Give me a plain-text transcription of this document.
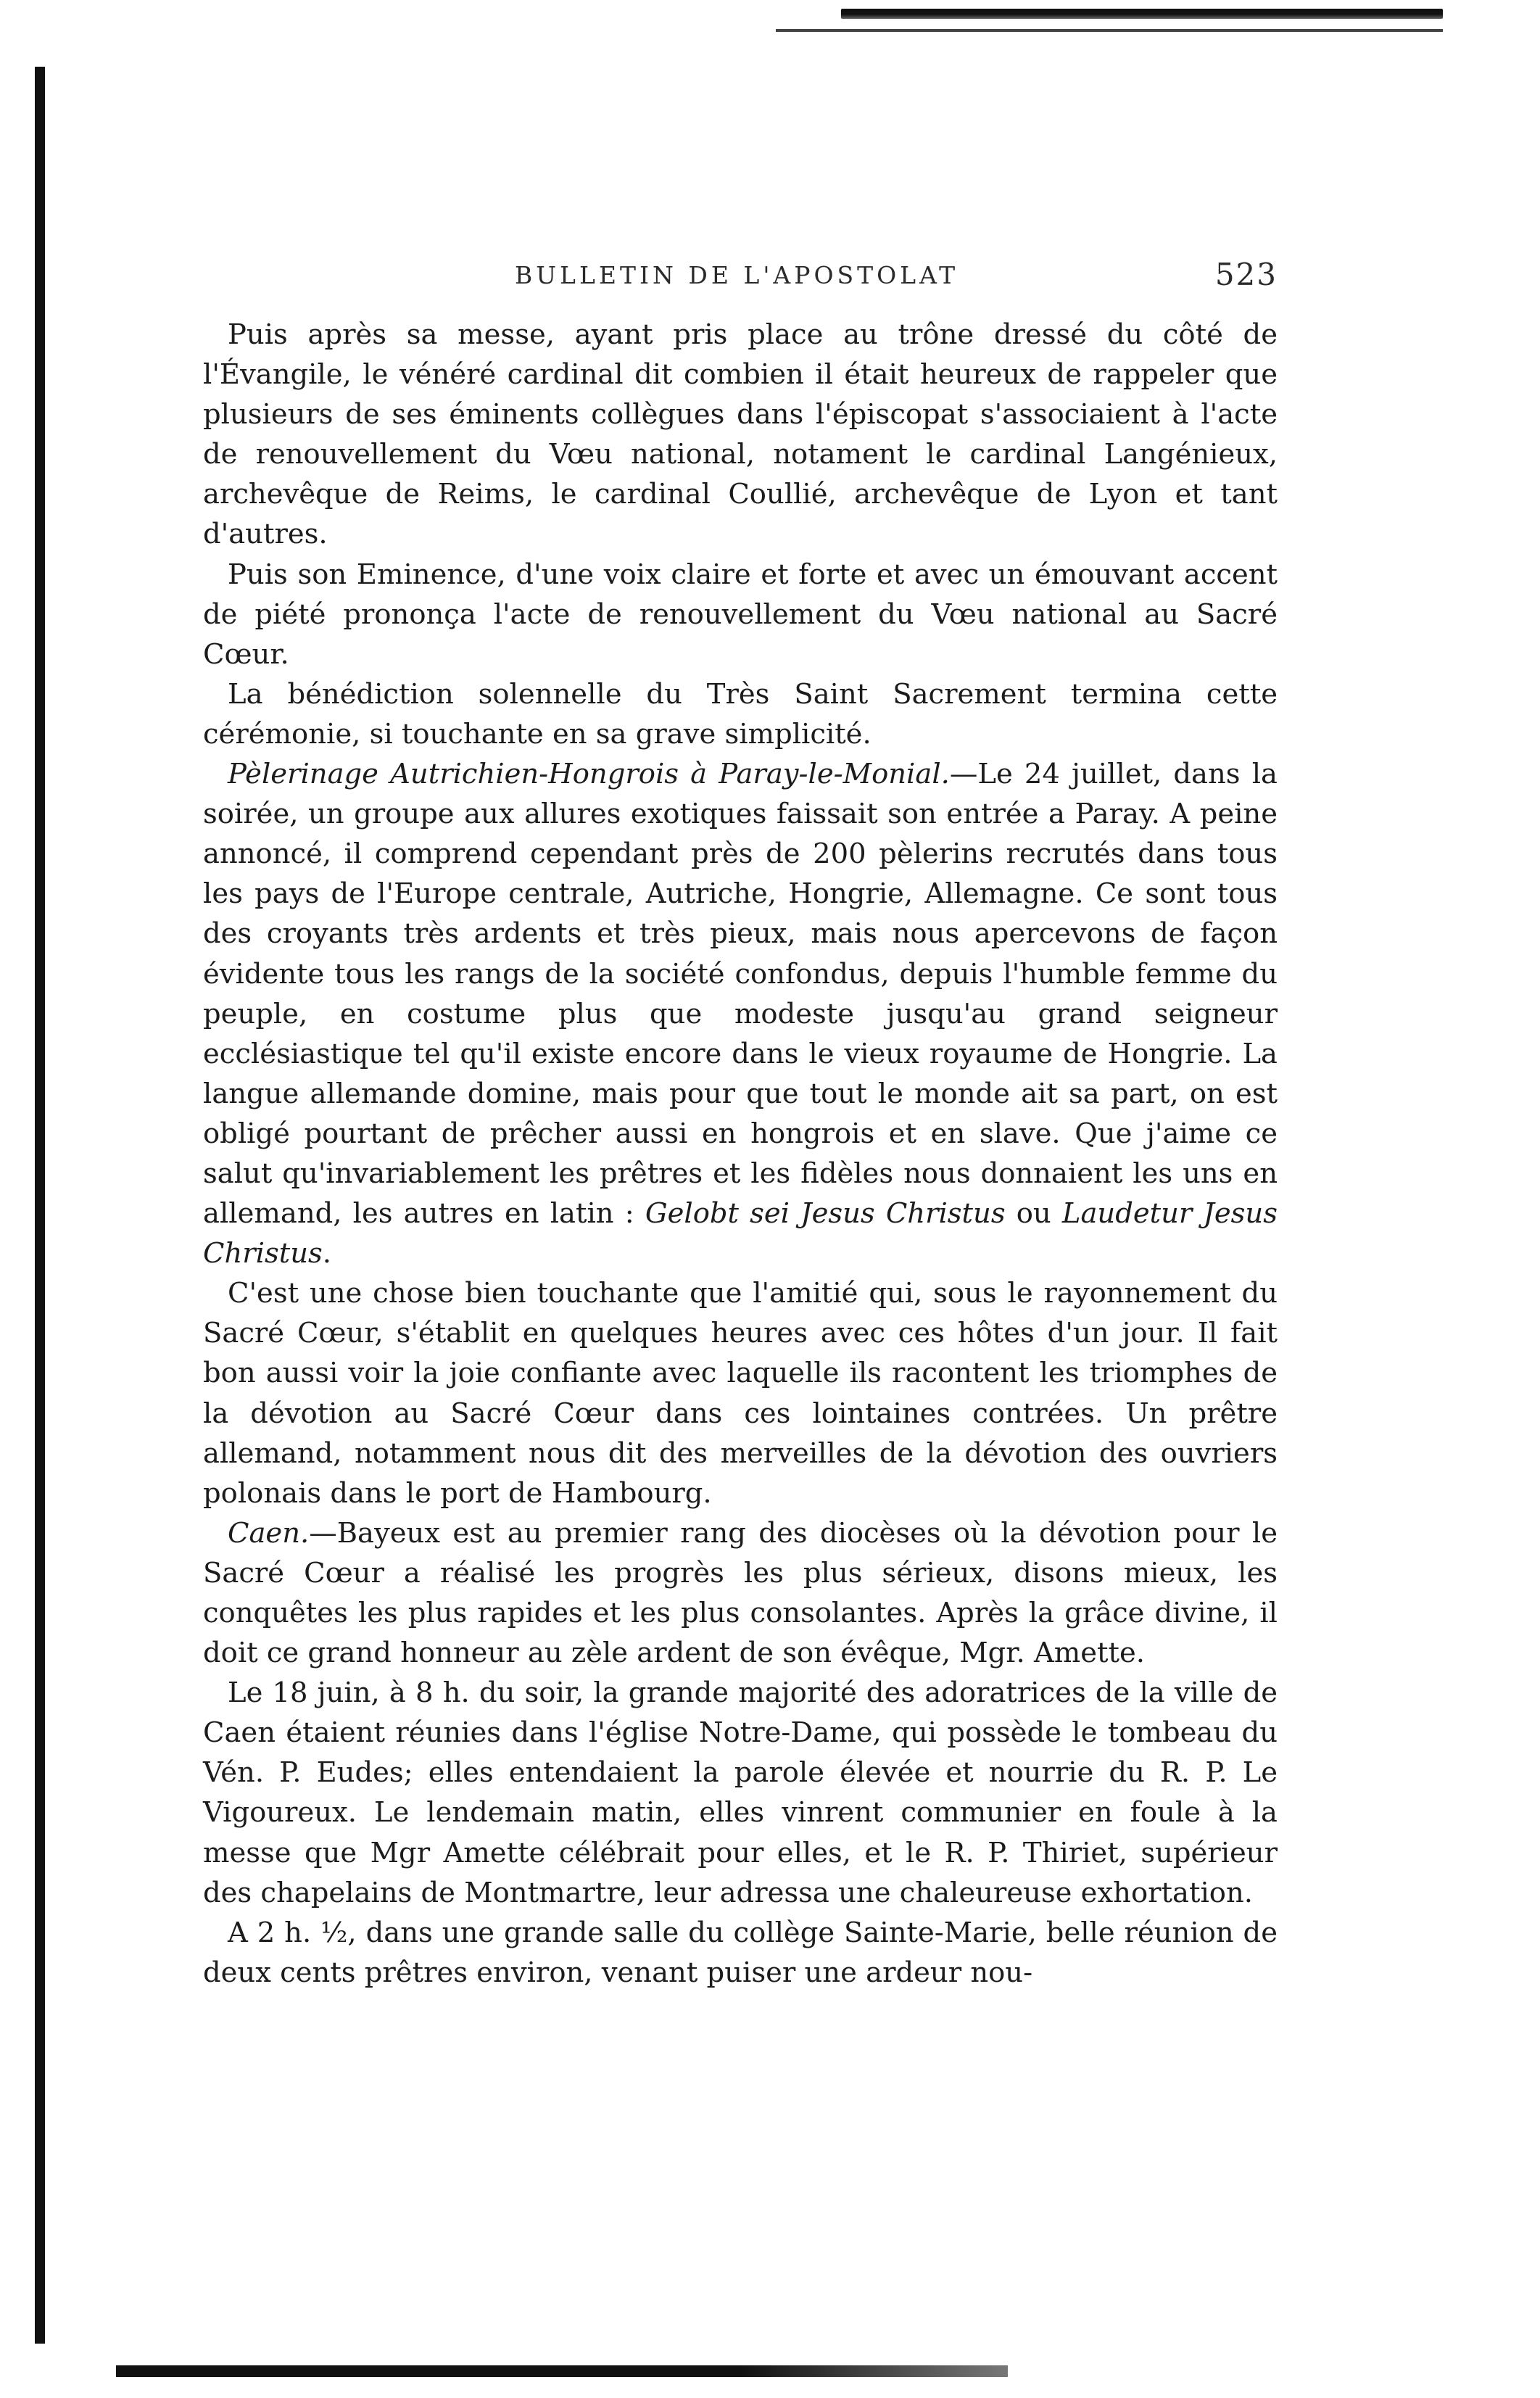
BULLETIN DE L'APOSTOLAT	523

Puis après sa messe, ayant pris place au trône dressé du côté de l'Évangile, le vénéré cardinal dit combien il était heureux de rappeler que plusieurs de ses éminents collègues dans l'épiscopat s'associaient à l'acte de renouvellement du Vœu national, notament le cardinal Langénieux, archevêque de Reims, le cardinal Coullié, archevêque de Lyon et tant d'autres.

Puis son Eminence, d'une voix claire et forte et avec un émouvant accent de piété prononça l'acte de renouvellement du Vœu national au Sacré Cœur.

La bénédiction solennelle du Très Saint Sacrement termina cette cérémonie, si touchante en sa grave simplicité.

Pèlerinage Autrichien-Hongrois à Paray-le-Monial.—Le 24 juillet, dans la soirée, un groupe aux allures exotiques faissait son entrée a Paray. A peine annoncé, il comprend cependant près de 200 pèlerins recrutés dans tous les pays de l'Europe centrale, Autriche, Hongrie, Allemagne. Ce sont tous des croyants très ardents et très pieux, mais nous apercevons de façon évidente tous les rangs de la société confondus, depuis l'humble femme du peuple, en costume plus que modeste jusqu'au grand seigneur ecclésiastique tel qu'il existe encore dans le vieux royaume de Hongrie. La langue allemande domine, mais pour que tout le monde ait sa part, on est obligé pourtant de prêcher aussi en hongrois et en slave. Que j'aime ce salut qu'invariablement les prêtres et les fidèles nous donnaient les uns en allemand, les autres en latin : Gelobt sei Jesus Christus ou Laudetur Jesus Christus.

C'est une chose bien touchante que l'amitié qui, sous le rayonnement du Sacré Cœur, s'établit en quelques heures avec ces hôtes d'un jour. Il fait bon aussi voir la joie confiante avec laquelle ils racontent les triomphes de la dévotion au Sacré Cœur dans ces lointaines contrées. Un prêtre allemand, notamment nous dit des merveilles de la dévotion des ouvriers polonais dans le port de Hambourg.

Caen.—Bayeux est au premier rang des diocèses où la dévotion pour le Sacré Cœur a réalisé les progrès les plus sérieux, disons mieux, les conquêtes les plus rapides et les plus consolantes. Après la grâce divine, il doit ce grand honneur au zèle ardent de son évêque, Mgr. Amette.

Le 18 juin, à 8 h. du soir, la grande majorité des adoratrices de la ville de Caen étaient réunies dans l'église Notre-Dame, qui possède le tombeau du Vén. P. Eudes; elles entendaient la parole élevée et nourrie du R. P. Le Vigoureux. Le lendemain matin, elles vinrent communier en foule à la messe que Mgr Amette célébrait pour elles, et le R. P. Thiriet, supérieur des chapelains de Montmartre, leur adressa une chaleureuse exhortation.

A 2 h. ½, dans une grande salle du collège Sainte-Marie, belle réunion de deux cents prêtres environ, venant puiser une ardeur nou-
